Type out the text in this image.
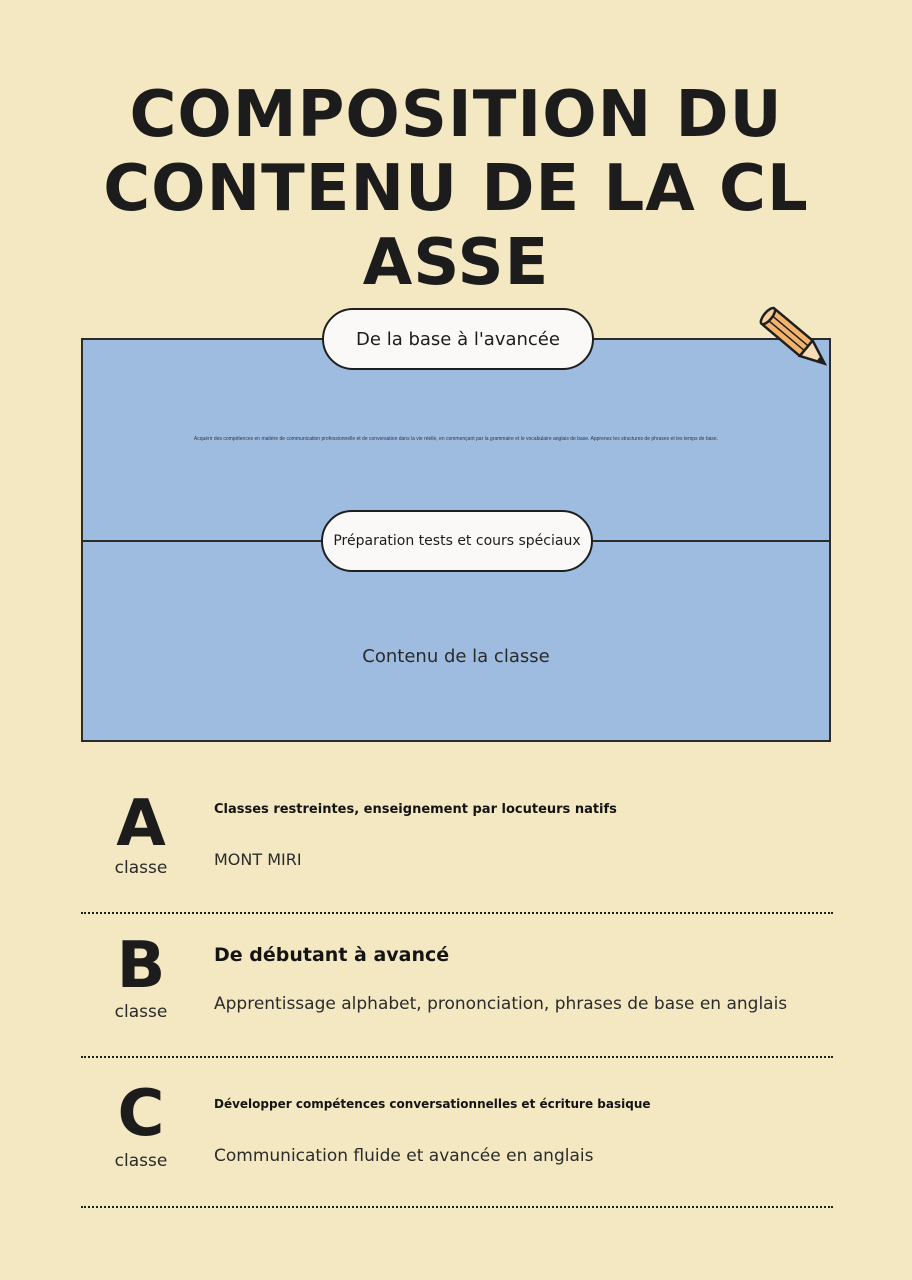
COMPOSITION DU
CONTENU DE LA CL
ASSE
De la base à l'avancée
Acquérir des compétences en matière de communication professionnelle et de conversation dans la vie réelle, en commençant par la grammaire et le vocabulaire anglais de base. Apprenez les structures de phrases et les temps de base.
Préparation tests et cours spéciaux
Contenu de la classe
A
classe
Classes restreintes, enseignement par locuteurs natifs
MONT MIRI
B
classe
De débutant à avancé
Apprentissage alphabet, prononciation, phrases de base en anglais
C
classe
Développer compétences conversationnelles et écriture basique
Communication fluide et avancée en anglais
